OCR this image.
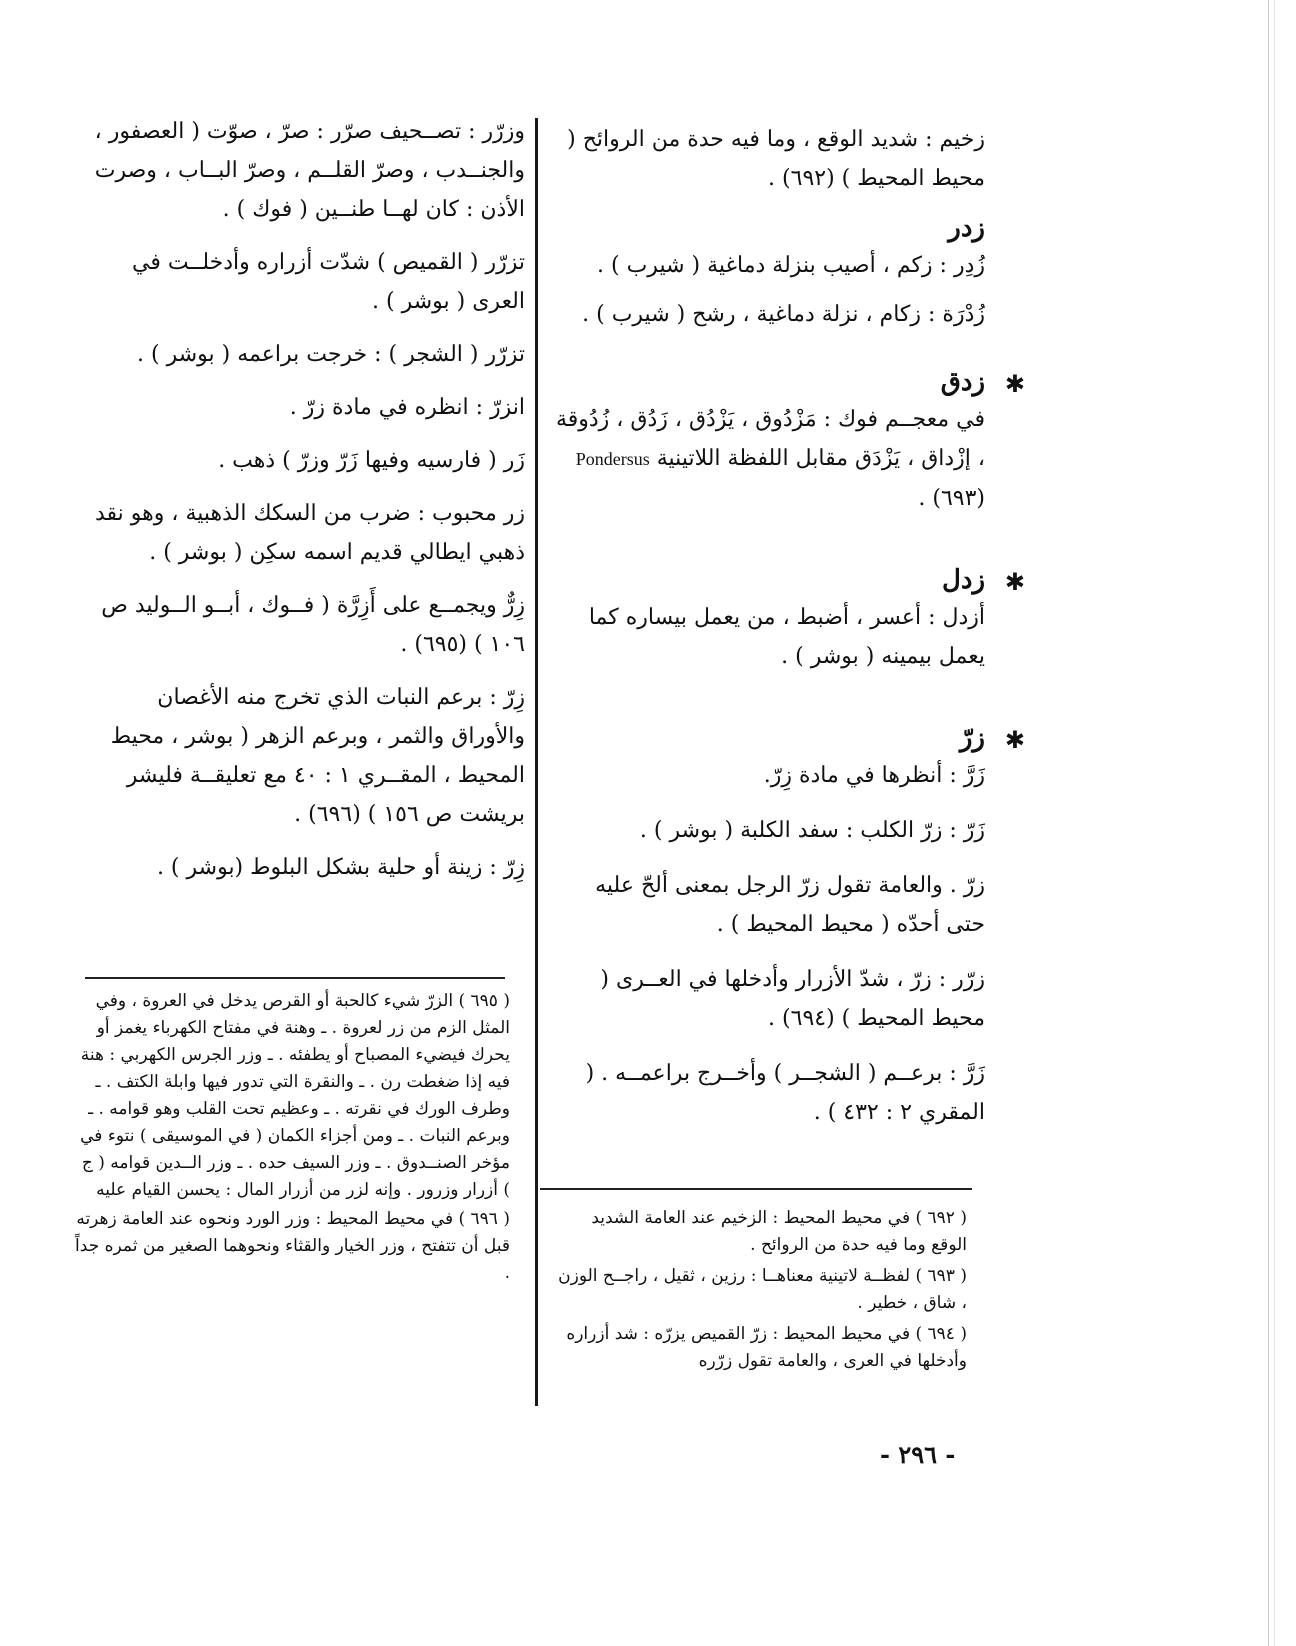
زخيم : شديد الوقع ، وما فيه حدة من الروائح ( محيط المحيط ) (٦٩٢) .

زدر

زُدِر : زكم ، أصيب بنزلة دماغية ( شيرب ) .

زُدْرَة : زكام ، نزلة دماغية ، رشح ( شيرب ) .

✱
زدق

في معجــم فوك : مَزْدُوق ، يَزْدُق ، زَدُق ، زُدُوقة ، إزْداق ، يَزْدَق مقابل اللفظة اللاتينية Pondersus (٦٩٣) .

✱
زدل

أزدل : أعسر ، أضبط ، من يعمل بيساره كما يعمل بيمينه ( بوشر ) .

✱
زرّ

زَرَّ : أنظرها في مادة زِرّ.

زَرّ : زرّ الكلب : سفد الكلبة ( بوشر ) .

زرّ . والعامة تقول زرّ الرجل بمعنى ألحّ عليه حتى أحدّه ( محيط المحيط ) .

زرّر : زرّ ، شدّ الأزرار وأدخلها في العــرى ( محيط المحيط ) (٦٩٤) .

زَرَّ : برعــم ( الشجــر ) وأخــرج براعمــه . ( المقري ٢ : ٤٣٢ ) .

وزرّر : تصــحيف صرّر : صرّ ، صوّت ( العصفور ، والجنــدب ، وصرّ القلــم ، وصرّ البــاب ، وصرت الأذن : كان لهــا طنــين ( فوك ) .

تزرّر ( القميص ) شدّت أزراره وأدخلــت في العرى ( بوشر ) .

تزرّر ( الشجر ) : خرجت براعمه ( بوشر ) .

انزرّ : انظره في مادة زرّ .

زَر ( فارسيه وفيها زَرّ وزرّ ) ذهب .

زر محبوب : ضرب من السكك الذهبية ، وهو نقد ذهبي ايطالي قديم اسمه سكِن ( بوشر ) .

زِرٌّ ويجمــع على أَزِرَّة ( فــوك ، أبــو الــوليد ص ١٠٦ ) (٦٩٥) .

زِرّ : برعم النبات الذي تخرج منه الأغصان والأوراق والثمر ، وبرعم الزهر ( بوشر ، محيط المحيط ، المقــري ١ : ٤٠ مع تعليقــة فليشر بريشت ص ١٥٦ ) (٦٩٦) .

زِرّ : زينة أو حلية بشكل البلوط (بوشر ) .

( ٦٩٢ ) في محيط المحيط : الزخيم عند العامة الشديد الوقع وما فيه حدة من الروائح .

( ٦٩٣ ) لفظــة لاتينية معناهــا : رزين ، ثقيل ، راجــح الوزن ، شاق ، خطير .

( ٦٩٤ ) في محيط المحيط : زرّ القميص يزرّه : شد أزراره وأدخلها في العرى ، والعامة تقول زرّره

( ٦٩٥ ) الزرّ شيء كالحبة أو القرص يدخل في العروة ، وفي المثل الزم من زر لعروة . ـ وهنة في مفتاح الكهرباء يغمز أو يحرك فيضيء المصباح أو يطفئه . ـ وزر الجرس الكهربي : هنة فيه إذا ضغطت رن . ـ والنقرة التي تدور فيها وابلة الكتف . ـ وطرف الورك في نقرته . ـ وعظيم تحت القلب وهو قوامه . ـ وبرعم النبات . ـ ومن أجزاء الكمان ( في الموسيقى ) نتوء في مؤخر الصنــدوق . ـ وزر السيف حده . ـ وزر الــدين قوامه ( ج ) أزرار وزرور . وإنه لزر من أزرار المال : يحسن القيام عليه

( ٦٩٦ ) في محيط المحيط : وزر الورد ونحوه عند العامة زهرته قبل أن تتفتح ، وزر الخيار والقثاء ونحوهما الصغير من ثمره جداً .

- ٢٩٦ -
